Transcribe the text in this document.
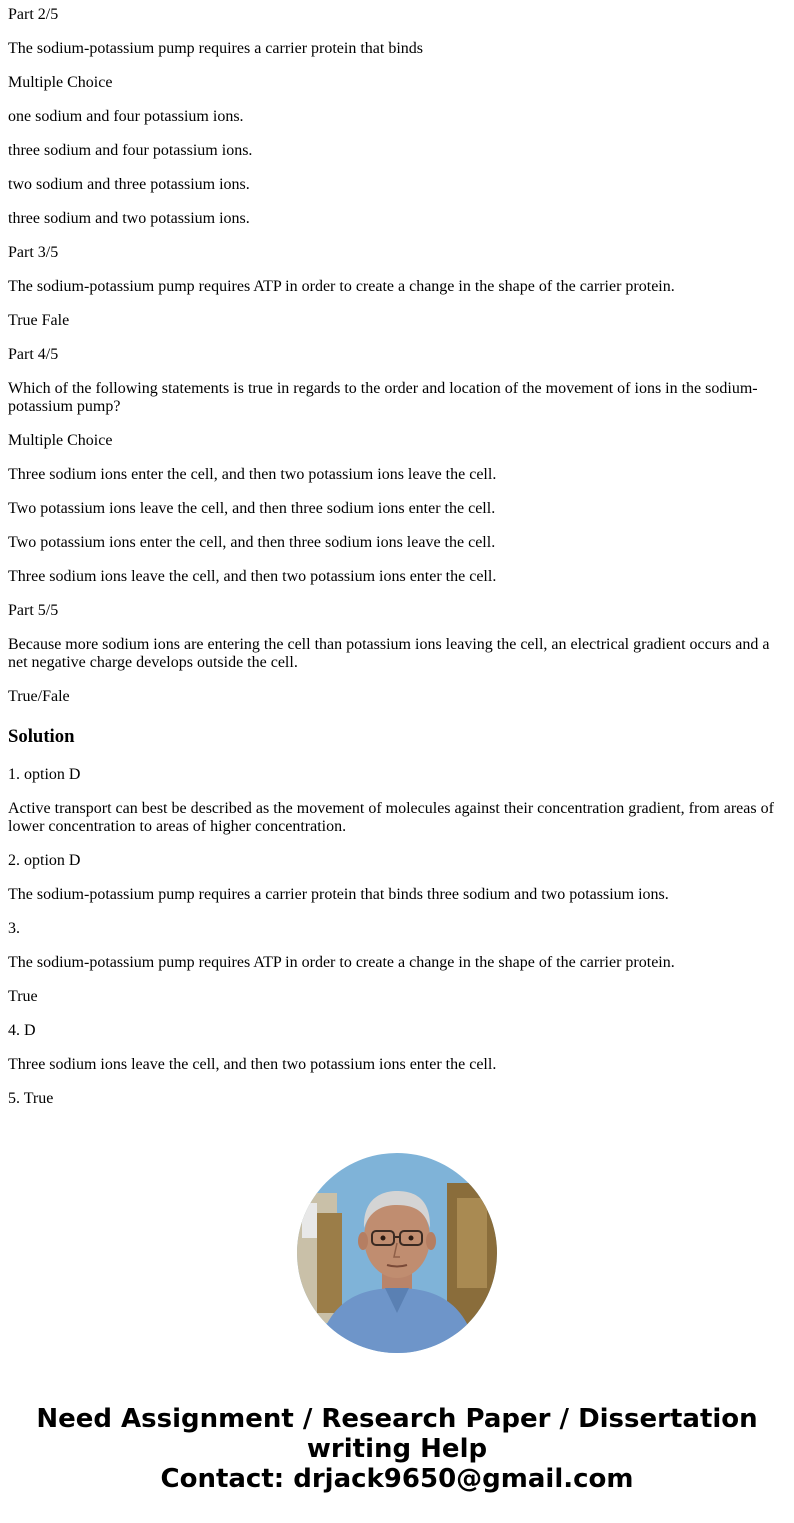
Part 2/5

The sodium-potassium pump requires a carrier protein that binds

Multiple Choice

one sodium and four potassium ions.

three sodium and four potassium ions.

two sodium and three potassium ions.

three sodium and two potassium ions.

Part 3/5

The sodium-potassium pump requires ATP in order to create a change in the shape of the carrier protein.

True Fale

Part 4/5

Which of the following statements is true in regards to the order and location of the movement of ions in the sodium-potassium pump?

Multiple Choice

Three sodium ions enter the cell, and then two potassium ions leave the cell.

Two potassium ions leave the cell, and then three sodium ions enter the cell.

Two potassium ions enter the cell, and then three sodium ions leave the cell.

Three sodium ions leave the cell, and then two potassium ions enter the cell.

Part 5/5

Because more sodium ions are entering the cell than potassium ions leaving the cell, an electrical gradient occurs and a net negative charge develops outside the cell.

True/Fale

Solution

1. option D

Active transport can best be described as the movement of molecules against their concentration gradient, from areas of lower concentration to areas of higher concentration.

2. option D

The sodium-potassium pump requires a carrier protein that binds three sodium and two potassium ions.

3.

The sodium-potassium pump requires ATP in order to create a change in the shape of the carrier protein.

True

4. D

Three sodium ions leave the cell, and then two potassium ions enter the cell.

5. True

Need Assignment / Research Paper / Dissertation
writing Help
Contact: drjack9650@gmail.com
